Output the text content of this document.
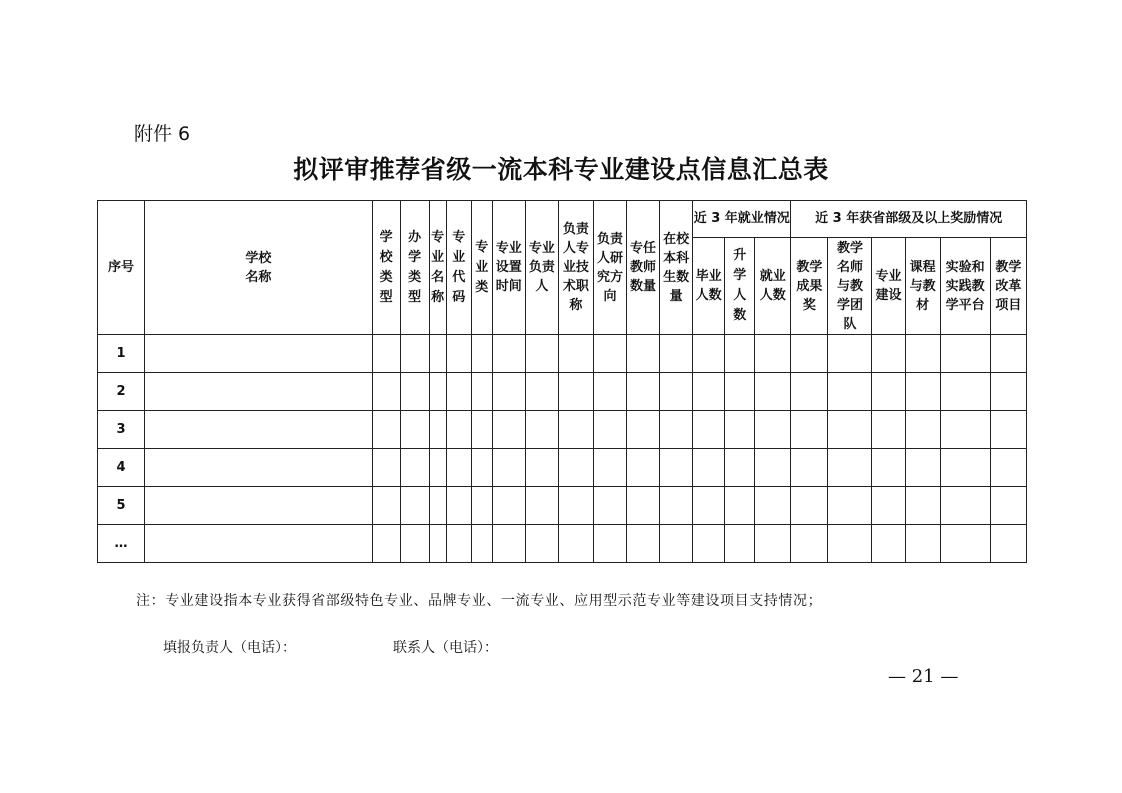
附件 6
拟评审推荐省级一流本科专业建设点信息汇总表
序号	学校名称	学校类型	办学类型	专业名称	专业代码	专业类	专业设置时间	专业负责人	负责人专业技术职称	负责人研究方向	专任教师数量	在校本科生数量	近 3 年就业情况			近 3 年获省部级及以上奖励情况					
													毕业人数	升学人数	就业人数	教学成果奖	教学名师与教学团队	专业建设	课程与教材	实验和实践教学平台	教学改革项目
1																					
2																					
3																					
4																					
5																					
…																					
注：专业建设指本专业获得省部级特色专业、品牌专业、一流专业、应用型示范专业等建设项目支持情况；
填报负责人（电话）：	联系人（电话）：
— 21 —
